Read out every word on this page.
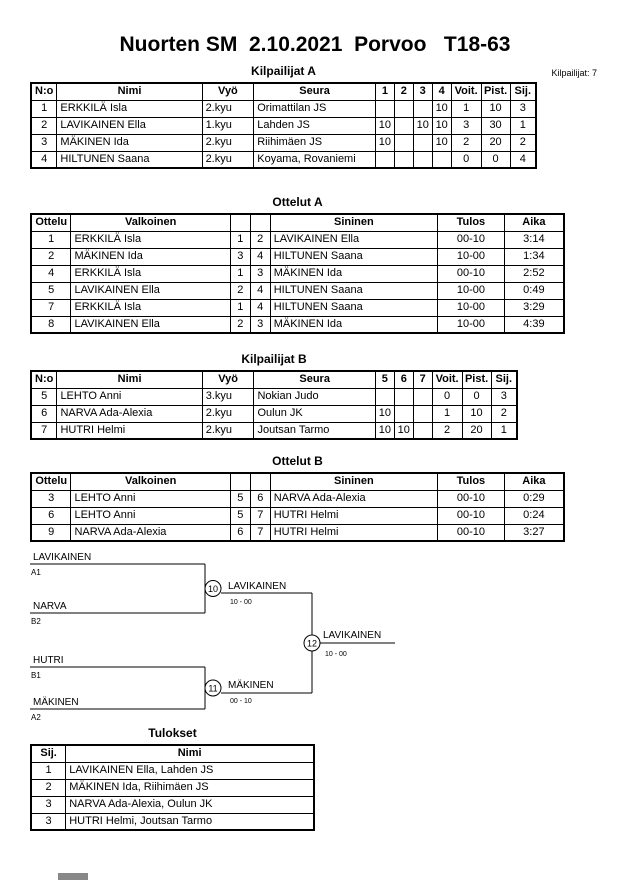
Nuorten SM  2.10.2021  Porvoo   T18-63
Kilpailijat: 7
Kilpailijat A
N:o	Nimi	Vyö	Seura	1	2	3	4	Voit.	Pist.	Sij.
1	ERKKILÄ Isla	2.kyu	Orimattilan JS				10	1	10	3
2	LAVIKAINEN Ella	1.kyu	Lahden JS	10		10	10	3	30	1
3	MÄKINEN Ida	2.kyu	Riihimäen JS	10			10	2	20	2
4	HILTUNEN Saana	2.kyu	Koyama, Rovaniemi					0	0	4
Ottelut A
Ottelu	Valkoinen			Sininen	Tulos	Aika
1	ERKKILÄ Isla	1	2	LAVIKAINEN Ella	00-10	3:14
2	MÄKINEN Ida	3	4	HILTUNEN Saana	10-00	1:34
4	ERKKILÄ Isla	1	3	MÄKINEN Ida	00-10	2:52
5	LAVIKAINEN Ella	2	4	HILTUNEN Saana	10-00	0:49
7	ERKKILÄ Isla	1	4	HILTUNEN Saana	10-00	3:29
8	LAVIKAINEN Ella	2	3	MÄKINEN Ida	10-00	4:39
Kilpailijat B
N:o	Nimi	Vyö	Seura	5	6	7	Voit.	Pist.	Sij.
5	LEHTO Anni	3.kyu	Nokian Judo				0	0	3
6	NARVA Ada-Alexia	2.kyu	Oulun JK	10			1	10	2
7	HUTRI Helmi	2.kyu	Joutsan Tarmo	10	10		2	20	1
Ottelut B
Ottelu	Valkoinen			Sininen	Tulos	Aika
3	LEHTO Anni	5	6	NARVA Ada-Alexia	00-10	0:29
6	LEHTO Anni	5	7	HUTRI Helmi	00-10	0:24
9	NARVA Ada-Alexia	6	7	HUTRI Helmi	00-10	3:27
LAVIKAINEN
A1
NARVA
B2
10 LAVIKAINEN
10 - 00
HUTRI
B1
MÄKINEN
A2
11 MÄKINEN
00 - 10
12
LAVIKAINEN
10 - 00
Tulokset
Sij.	Nimi
1	LAVIKAINEN Ella, Lahden JS
2	MÄKINEN Ida, Riihimäen JS
3	NARVA Ada-Alexia, Oulun JK
3	HUTRI Helmi, Joutsan Tarmo
